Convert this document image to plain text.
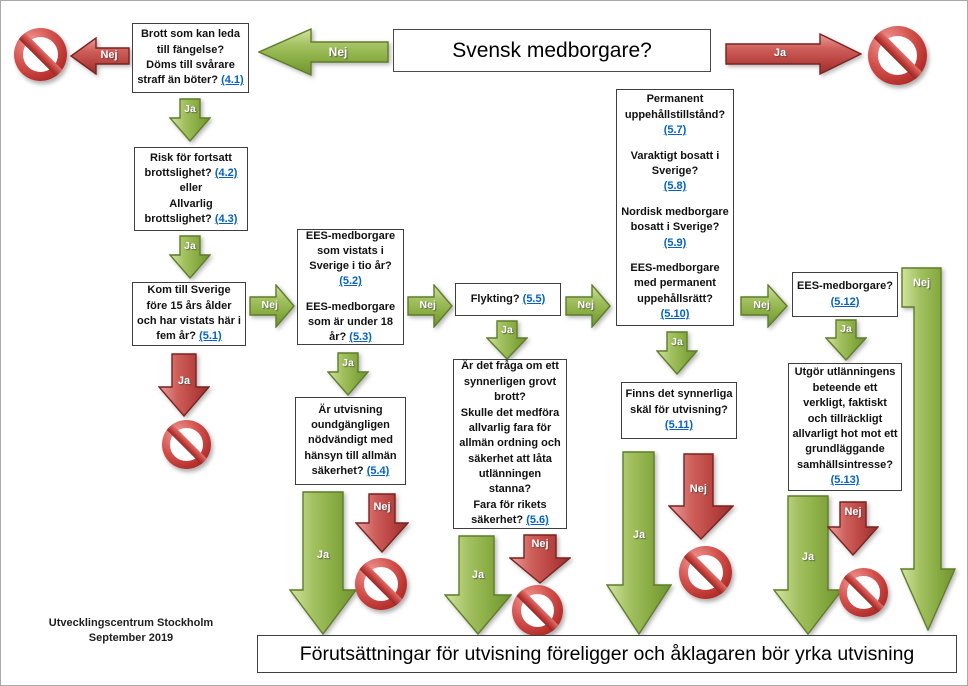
Nej
Brott som kan leda till fängelse?
Döms till svårare straff än böter? (4.1)
Nej	Svensk medborgare?	Ja
Ja
Risk för fortsatt brottslighet? (4.2)
eller
Allvarlig brottslighet? (4.3)
Ja
Kom till Sverige före 15 års ålder och har vistats här i fem år? (5.1)
Ja
Nej
EES-medborgare som vistats i Sverige i tio år?
(5.2)
EES-medborgare som är under 18 år? (5.3)
Ja
Är utvisning oundgängligen nödvändigt med hänsyn till allmän säkerhet? (5.4)
Ja
Nej
Nej
Flykting? (5.5)
Ja
Är det fråga om ett synnerligen grovt brott?
Skulle det medföra allvarlig fara för allmän ordning och säkerhet att låta utlänningen stanna?
Fara för rikets säkerhet? (5.6)
Ja
Nej
Nej
Permanent uppehållstillstånd?
(5.7)
Varaktigt bosatt i Sverige?
(5.8)
Nordisk medborgare bosatt i Sverige?
(5.9)
EES-medborgare med permanent uppehållsrätt?
(5.10)
Ja
Finns det synnerliga skäl för utvisning?
(5.11)
Ja
Nej
Nej
EES-medborgare?
(5.12)
Ja
Utgör utlänningens beteende ett verkligt, faktiskt och tillräckligt allvarligt hot mot ett grundläggande samhällsintresse?
(5.13)
Ja
Nej
Nej
Utvecklingscentrum Stockholm
September 2019
Förutsättningar för utvisning föreligger och åklagaren bör yrka utvisning
